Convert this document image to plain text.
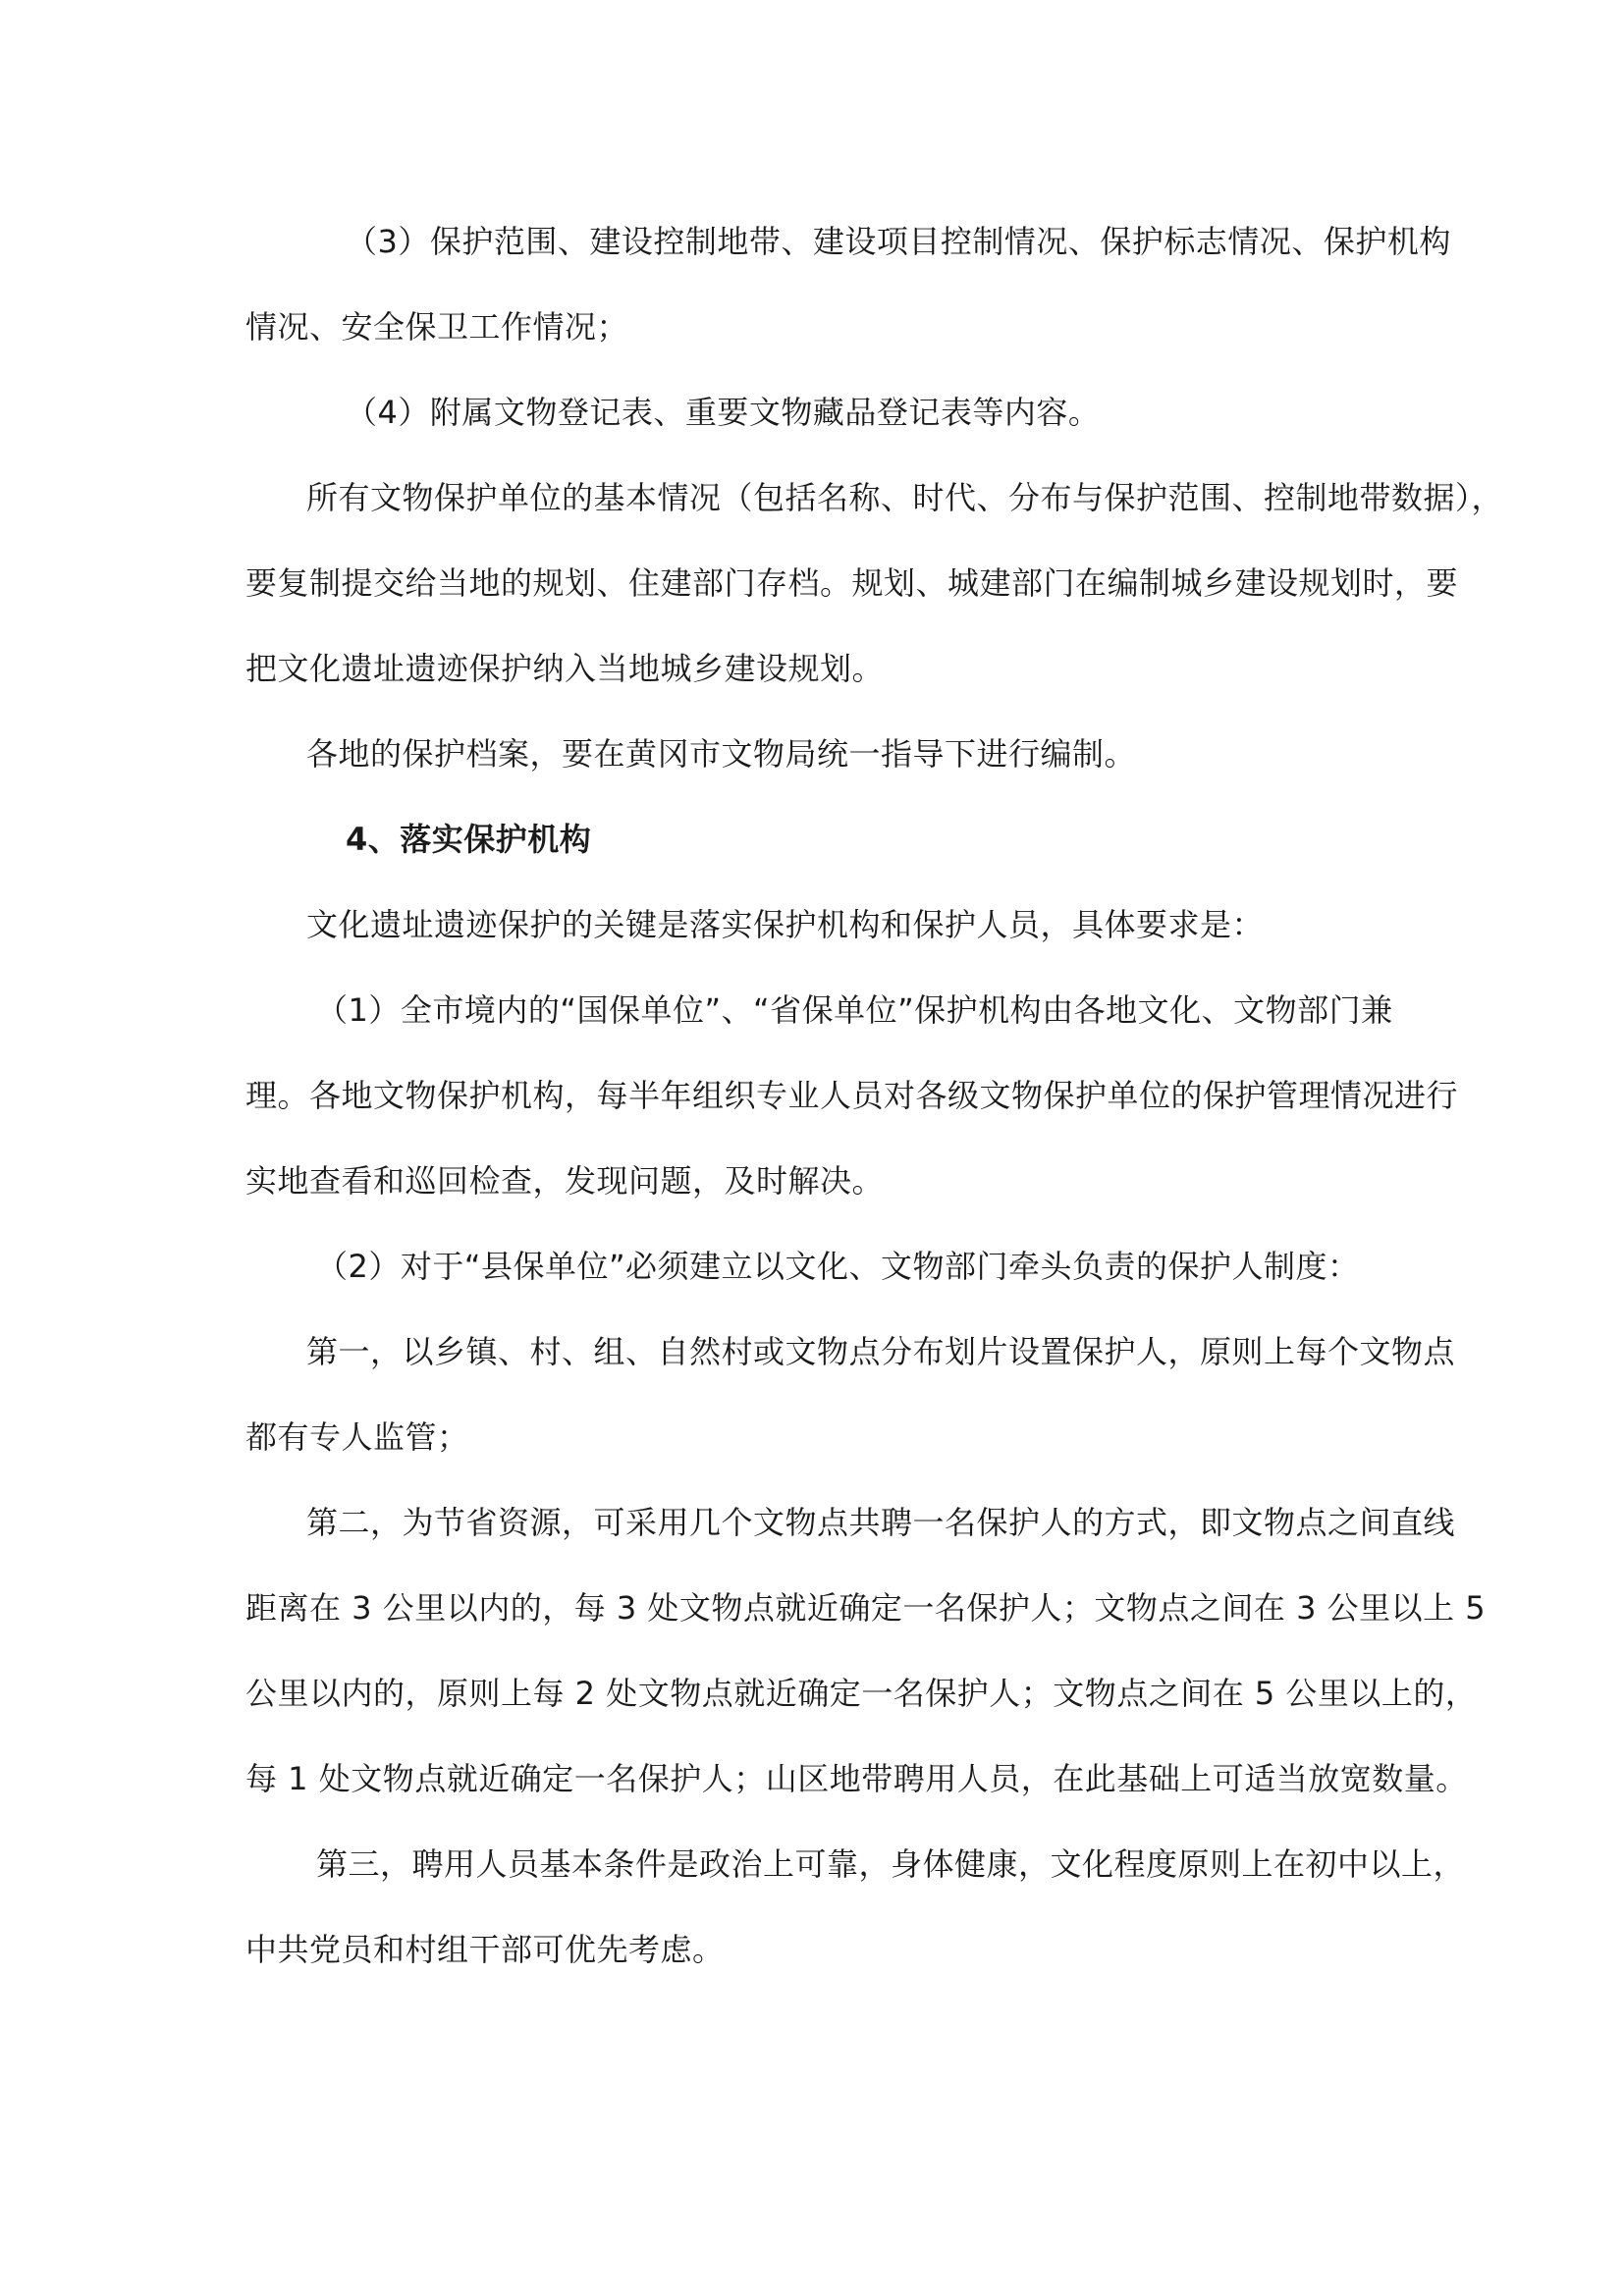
（3）保护范围、建设控制地带、建设项目控制情况、保护标志情况、保护机构
情况、安全保卫工作情况；
（4）附属文物登记表、重要文物藏品登记表等内容。
所有文物保护单位的基本情况（包括名称、时代、分布与保护范围、控制地带数据），
要复制提交给当地的规划、住建部门存档。规划、城建部门在编制城乡建设规划时，要
把文化遗址遗迹保护纳入当地城乡建设规划。
各地的保护档案，要在黄冈市文物局统一指导下进行编制。
4、落实保护机构
文化遗址遗迹保护的关键是落实保护机构和保护人员，具体要求是：
（1）全市境内的“国保单位”、“省保单位”保护机构由各地文化、文物部门兼
理。各地文物保护机构，每半年组织专业人员对各级文物保护单位的保护管理情况进行
实地查看和巡回检查，发现问题，及时解决。
（2）对于“县保单位”必须建立以文化、文物部门牵头负责的保护人制度：
第一，以乡镇、村、组、自然村或文物点分布划片设置保护人，原则上每个文物点
都有专人监管；
第二，为节省资源，可采用几个文物点共聘一名保护人的方式，即文物点之间直线
距离在 3 公里以内的，每 3 处文物点就近确定一名保护人；文物点之间在 3 公里以上 5
公里以内的，原则上每 2 处文物点就近确定一名保护人；文物点之间在 5 公里以上的，
每 1 处文物点就近确定一名保护人；山区地带聘用人员，在此基础上可适当放宽数量。
第三，聘用人员基本条件是政治上可靠，身体健康，文化程度原则上在初中以上，
中共党员和村组干部可优先考虑。
